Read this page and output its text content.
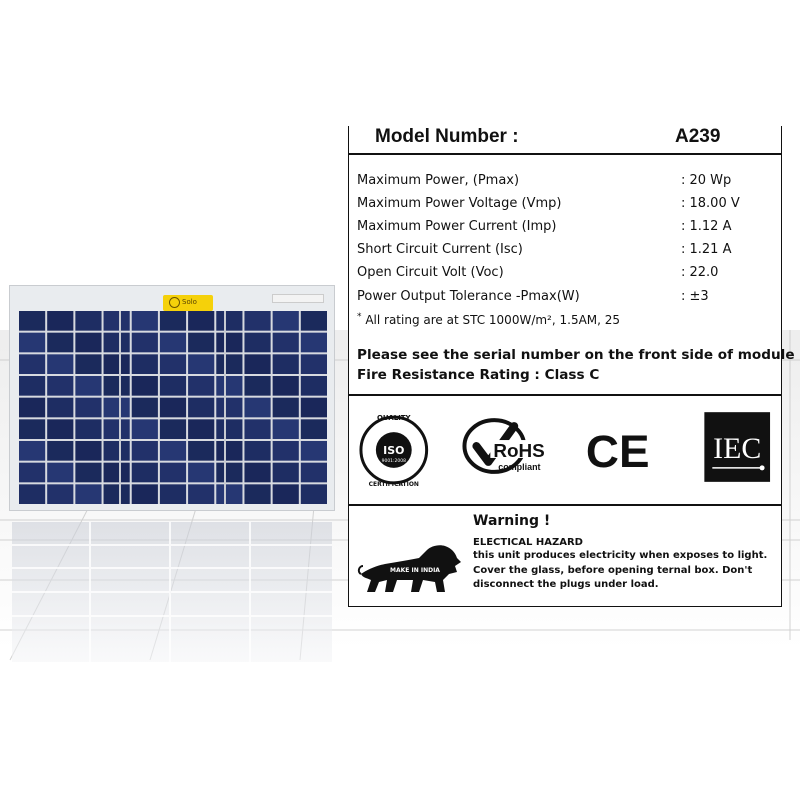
Solo
Model Number :	A239
Maximum Power, (Pmax)	: 20 Wp
Maximum Power Voltage (Vmp)	: 18.00 V
Maximum Power Current (Imp)	: 1.12 A
Short Circuit Current (Isc)	: 1.21 A
Open Circuit Volt (Voc)	: 22.0
Power Output Tolerance -Pmax(W)	: ±3
* All rating are at STC 1000W/m², 1.5AM, 25
Please see the serial number on the front side of module
Fire Resistance Rating : Class C
QUALITY
ISO
9001:2008
CERTIFICATION
RoHS
compliant CE IEC
MAKE IN INDIA
Warning !
ELECTICAL HAZARD
this unit produces electricity when exposes to light. Cover the glass, before opening ternal box. Don't disconnect the plugs under load.
